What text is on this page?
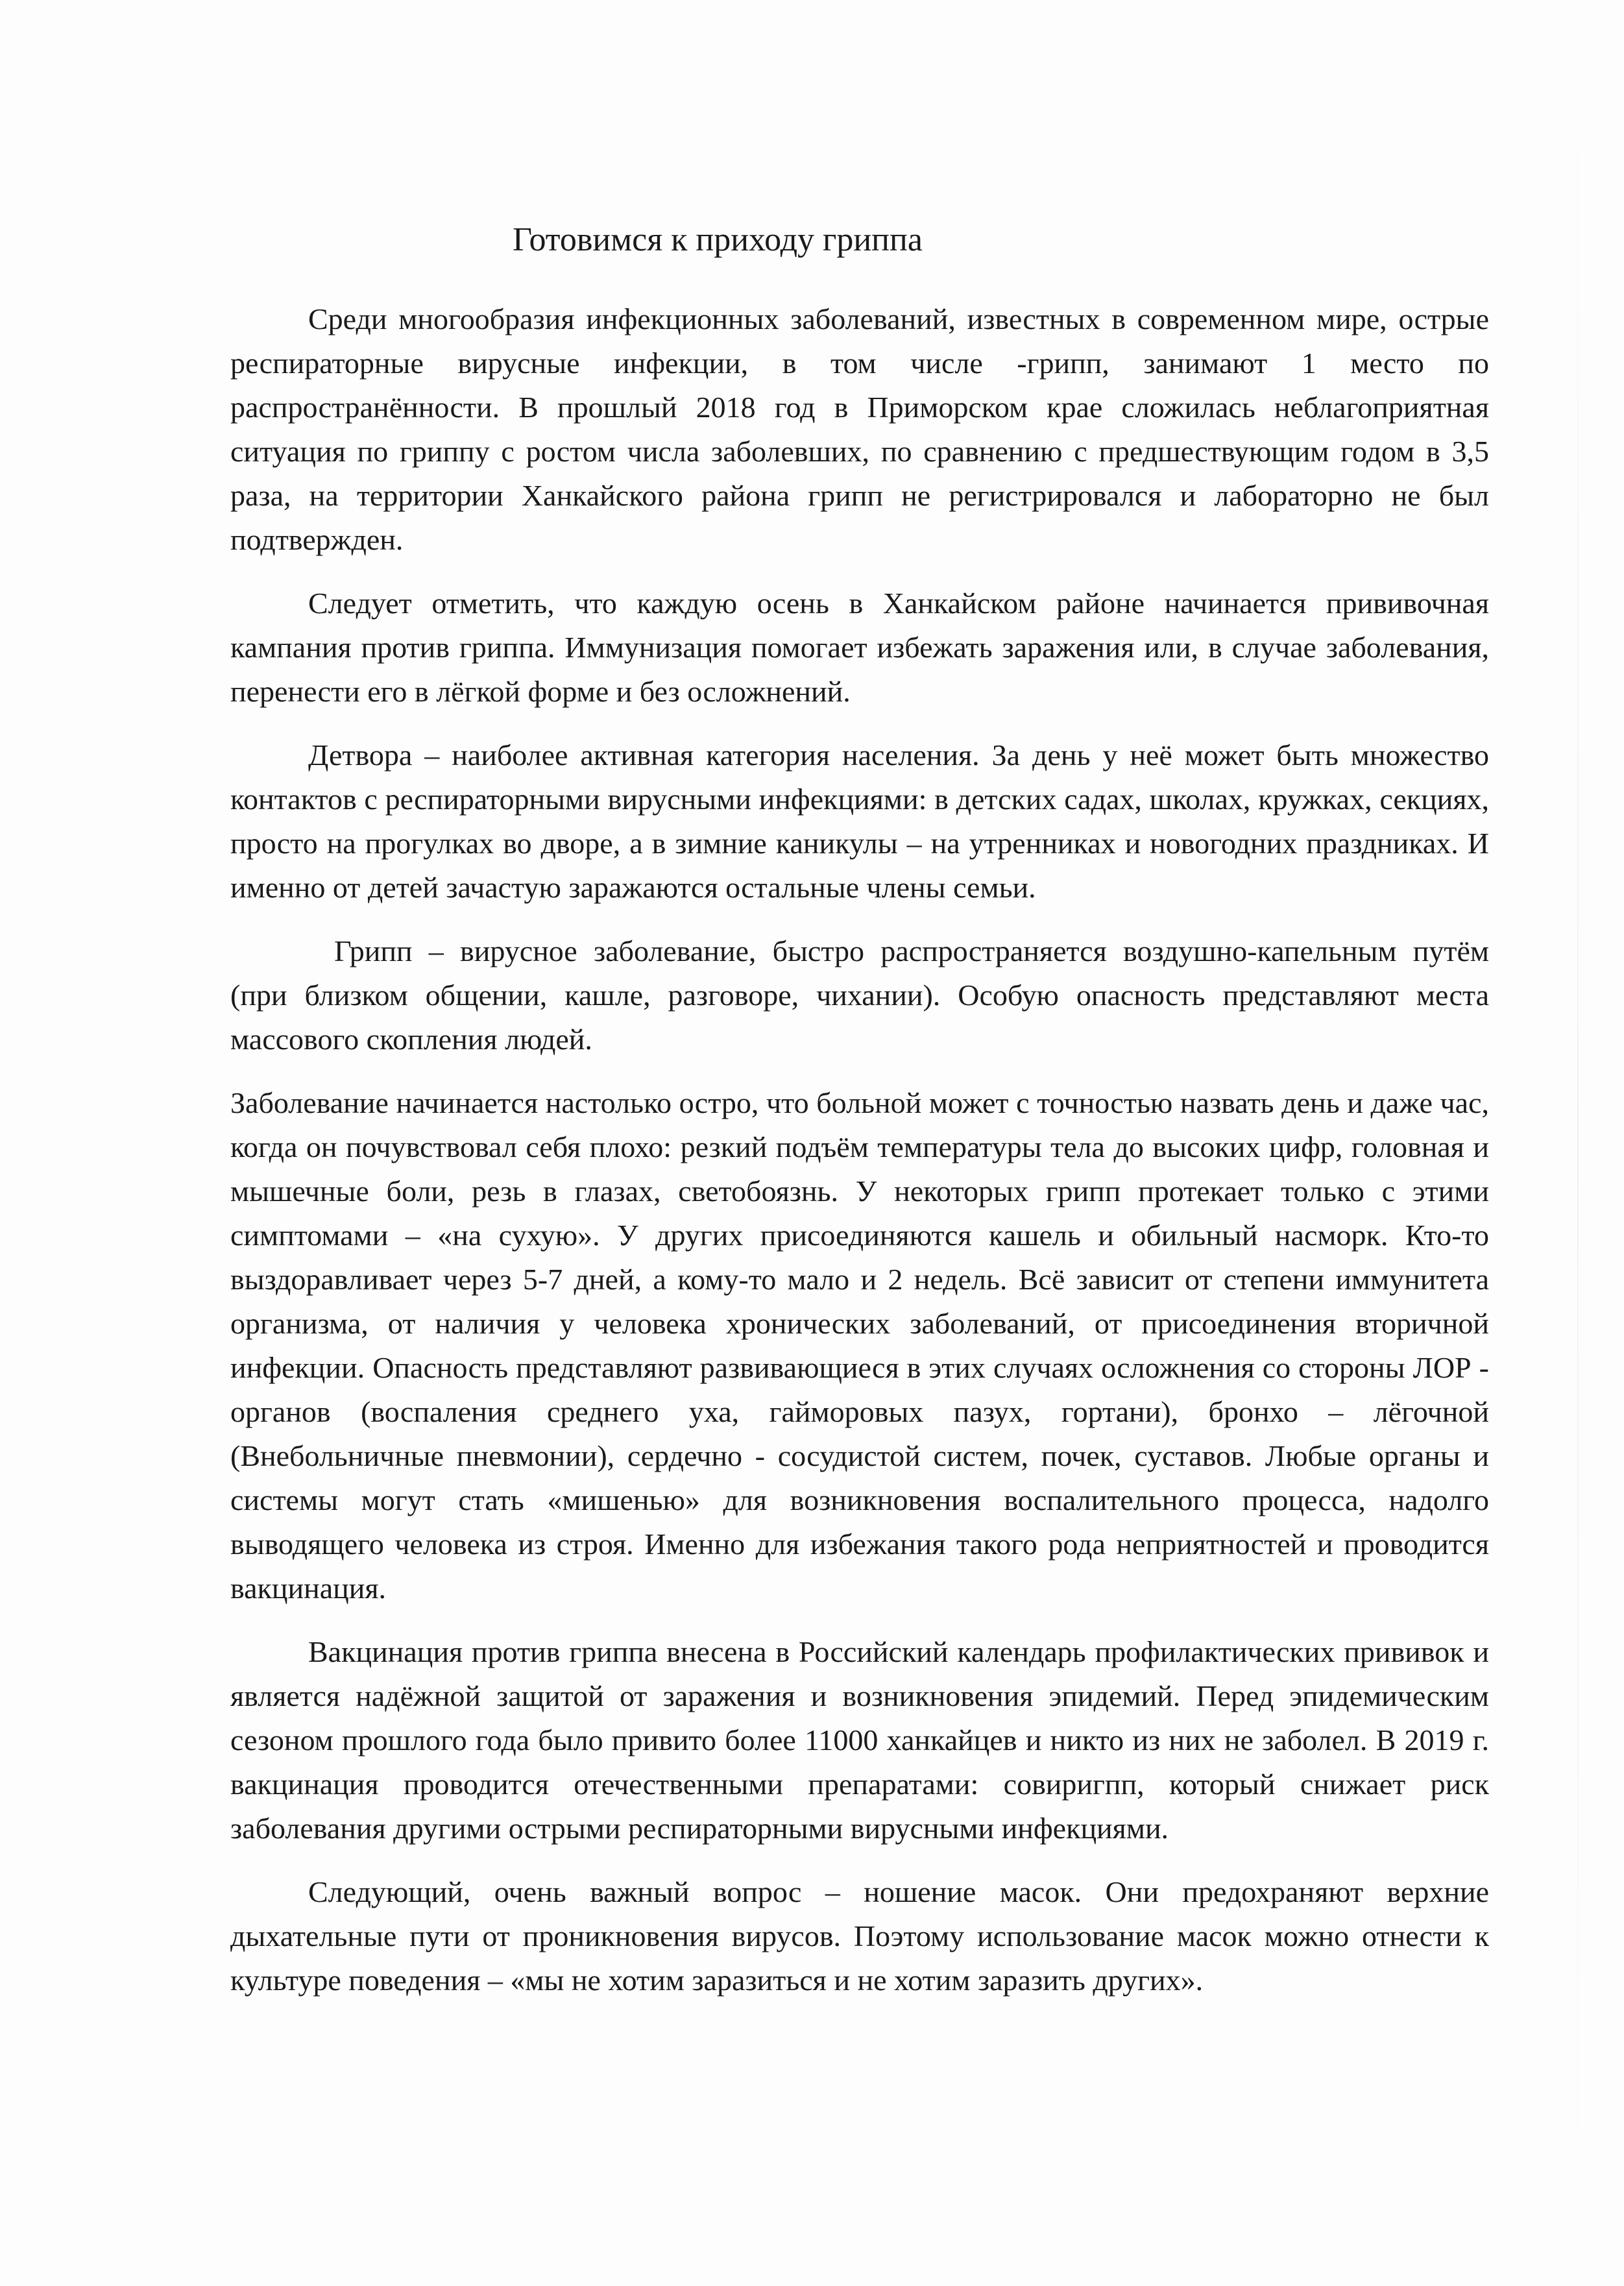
Готовимся к приходу гриппа

Среди многообразия инфекционных заболеваний, известных в современном мире, острые респираторные вирусные инфекции, в том числе -грипп, занимают 1 место по распространённости. В прошлый 2018 год в Приморском крае сложилась неблагоприятная ситуация по гриппу с ростом числа заболевших, по сравнению с предшествующим годом в 3,5 раза, на территории Ханкайского района грипп не регистрировался и лабораторно не был подтвержден.

Следует отметить, что каждую осень в Ханкайском районе начинается прививочная кампания против гриппа. Иммунизация помогает избежать заражения или, в случае заболевания, перенести его в лёгкой форме и без осложнений.

Детвора – наиболее активная категория населения. За день у неё может быть множество контактов с респираторными вирусными инфекциями: в детских садах, школах, кружках, секциях, просто на прогулках во дворе, а в зимние каникулы – на утренниках и новогодних праздниках. И именно от детей зачастую заражаются остальные члены семьи.

Грипп – вирусное заболевание, быстро распространяется воздушно-капельным путём (при близком общении, кашле, разговоре, чихании). Особую опасность представляют места массового скопления людей.

Заболевание начинается настолько остро, что больной может с точностью назвать день и даже час, когда он почувствовал себя плохо: резкий подъём температуры тела до высоких цифр, головная и мышечные боли, резь в глазах, светобоязнь. У некоторых грипп протекает только с этими симптомами – «на сухую». У других присоединяются кашель и обильный насморк. Кто-то выздоравливает через 5-7 дней, а кому-то мало и 2 недель. Всё зависит от степени иммунитета организма, от наличия у человека хронических заболеваний, от присоединения вторичной инфекции. Опасность представляют развивающиеся в этих случаях осложнения со стороны ЛОР - органов (воспаления среднего уха, гайморовых пазух, гортани), бронхо – лёгочной (Внебольничные пневмонии), сердечно - сосудистой систем, почек, суставов. Любые органы и системы могут стать «мишенью» для возникновения воспалительного процесса, надолго выводящего человека из строя. Именно для избежания такого рода неприятностей и проводится вакцинация.

Вакцинация против гриппа внесена в Российский календарь профилактических прививок и является надёжной защитой от заражения и возникновения эпидемий. Перед эпидемическим сезоном прошлого года было привито более 11000 ханкайцев и никто из них не заболел. В 2019 г. вакцинация проводится отечественными препаратами: совиригпп, который снижает риск заболевания другими острыми респираторными вирусными инфекциями.

Следующий, очень важный вопрос – ношение масок. Они предохраняют верхние дыхательные пути от проникновения вирусов. Поэтому использование масок можно отнести к культуре поведения – «мы не хотим заразиться и не хотим заразить других».
